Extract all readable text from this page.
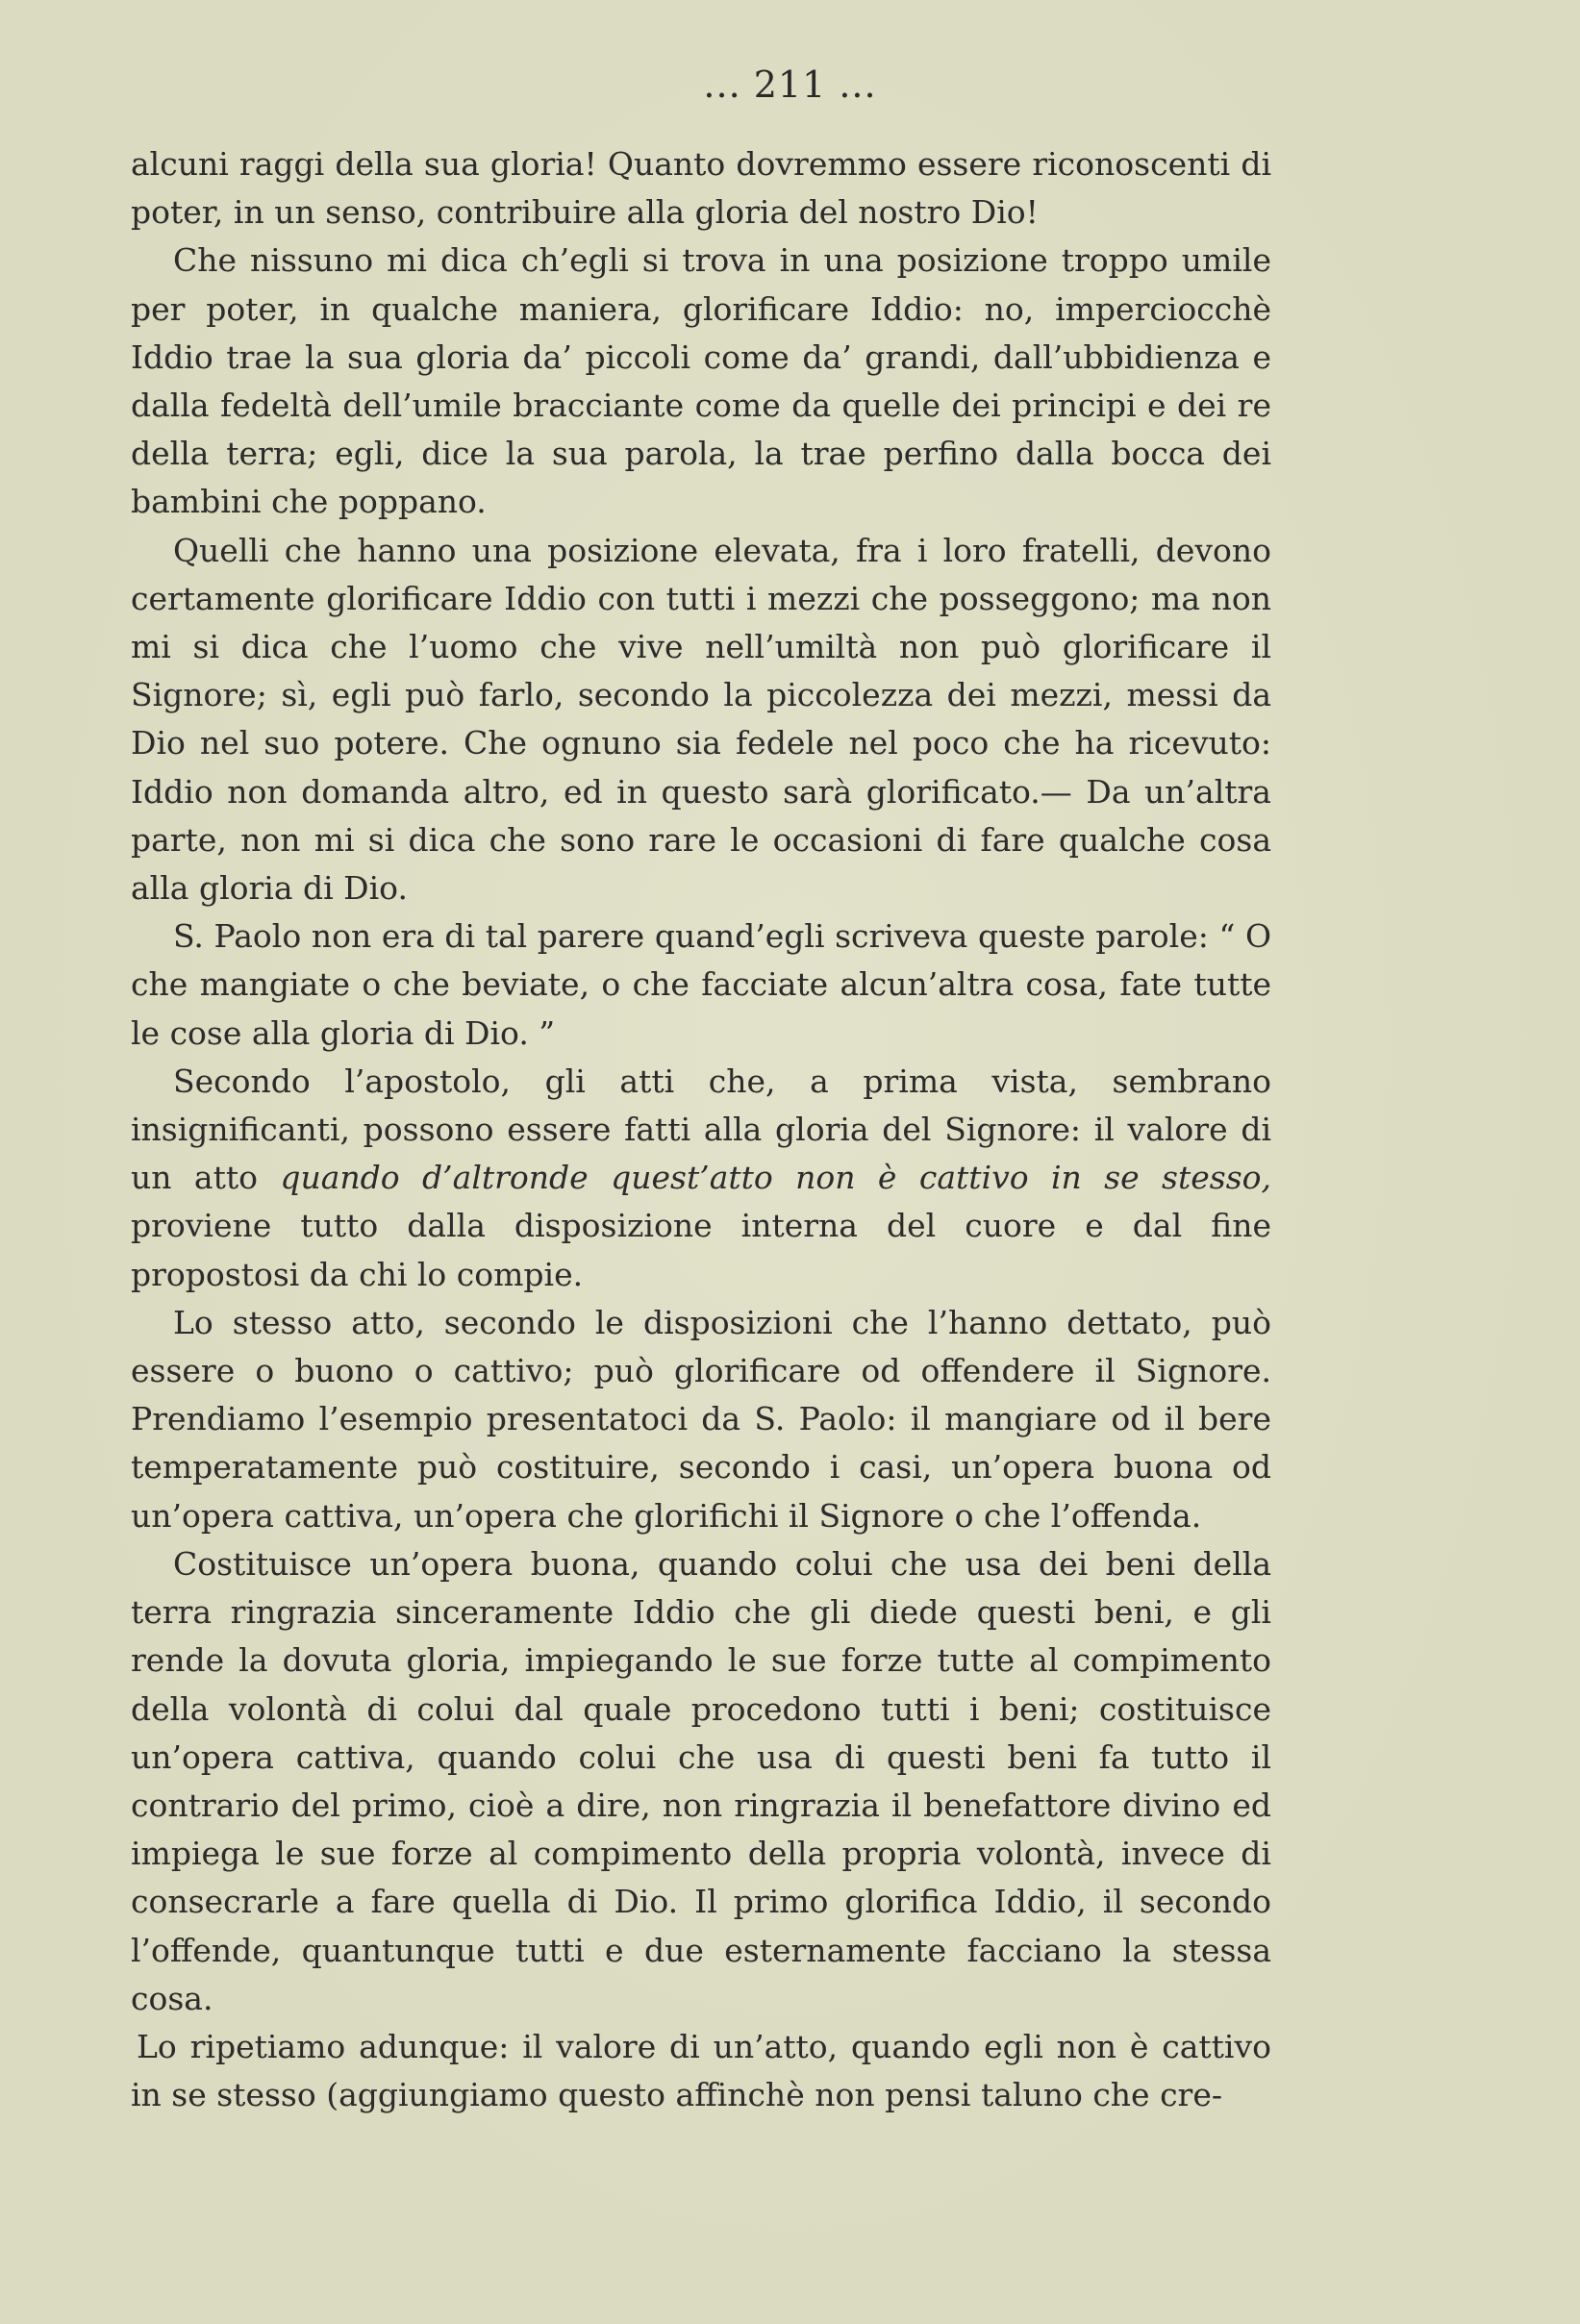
... 211 ...

alcuni raggi della sua gloria! Quanto dovremmo essere riconoscenti di poter, in un senso, contribuire alla gloria del nostro Dio!

Che nissuno mi dica ch’egli si trova in una posizione troppo umile per poter, in qualche maniera, glorificare Iddio: no, imperciocchè Iddio trae la sua gloria da’ piccoli come da’ grandi, dall’ubbidienza e dalla fedeltà dell’umile bracciante come da quelle dei principi e dei re della terra; egli, dice la sua parola, la trae perfino dalla bocca dei bambini che poppano.

Quelli che hanno una posizione elevata, fra i loro fratelli, devono certamente glorificare Iddio con tutti i mezzi che posseggono; ma non mi si dica che l’uomo che vive nell’umiltà non può glorificare il Signore; sì, egli può farlo, secondo la piccolezza dei mezzi, messi da Dio nel suo potere. Che ognuno sia fedele nel poco che ha ricevuto: Iddio non domanda altro, ed in questo sarà glorificato.— Da un’altra parte, non mi si dica che sono rare le occasioni di fare qualche cosa alla gloria di Dio.

S. Paolo non era di tal parere quand’egli scriveva queste parole: “ O che mangiate o che beviate, o che facciate alcun’altra cosa, fate tutte le cose alla gloria di Dio. ”

Secondo l’apostolo, gli atti che, a prima vista, sembrano insignificanti, possono essere fatti alla gloria del Signore: il valore di un atto quando d’altronde quest’atto non è cattivo in se stesso, proviene tutto dalla disposizione interna del cuore e dal fine propostosi da chi lo compie.

Lo stesso atto, secondo le disposizioni che l’hanno dettato, può essere o buono o cattivo; può glorificare od offendere il Signore. Prendiamo l’esempio presentatoci da S. Paolo: il mangiare od il bere temperatamente può costituire, secondo i casi, un’opera buona od un’opera cattiva, un’opera che glorifichi il Signore o che l’offenda.

Costituisce un’opera buona, quando colui che usa dei beni della terra ringrazia sinceramente Iddio che gli diede questi beni, e gli rende la dovuta gloria, impiegando le sue forze tutte al compimento della volontà di colui dal quale procedono tutti i beni; costituisce un’opera cattiva, quando colui che usa di questi beni fa tutto il contrario del primo, cioè a dire, non ringrazia il benefattore divino ed impiega le sue forze al compimento della propria volontà, invece di consecrarle a fare quella di Dio. Il primo glorifica Iddio, il secondo l’offende, quantunque tutti e due esternamente facciano la stessa cosa.

Lo ripetiamo adunque: il valore di un’atto, quando egli non è cattivo in se stesso (aggiungiamo questo affinchè non pensi taluno che cre-
